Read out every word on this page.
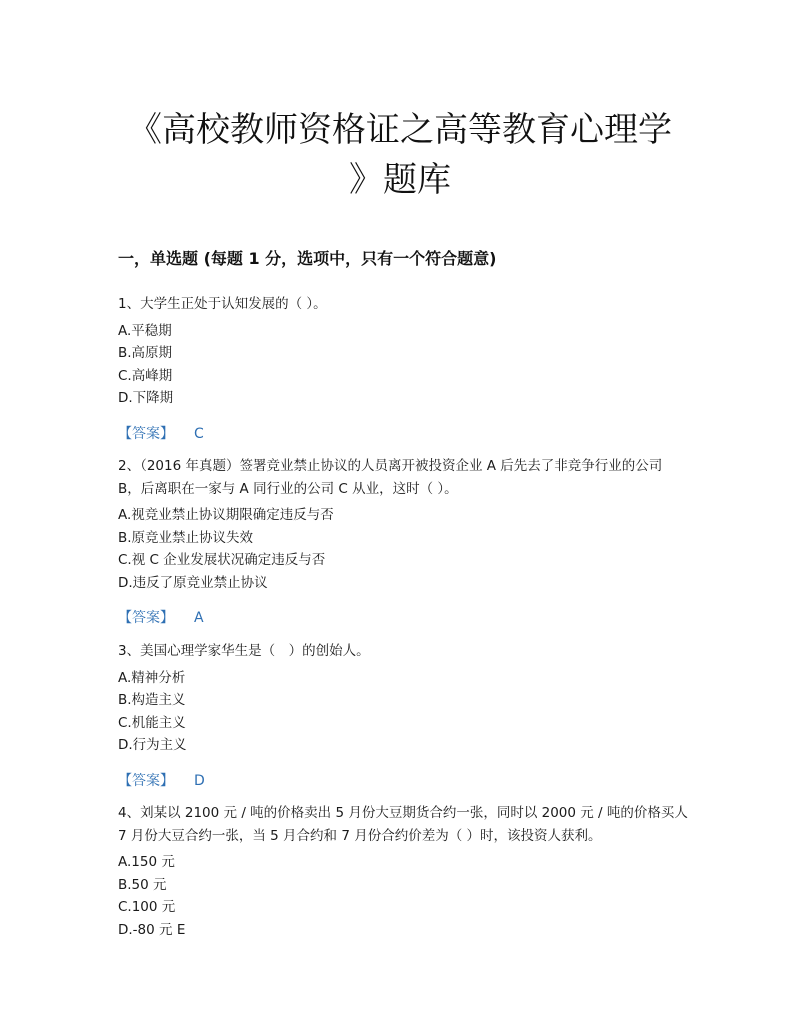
《高校教师资格证之高等教育心理学
》题库
一，单选题 (每题 1 分，选项中，只有一个符合题意)

1、大学生正处于认知发展的（ ）。

A.平稳期
B.高原期
C.高峰期
D.下降期
【答案】 C

2、（2016 年真题）签署竞业禁止协议的人员离开被投资企业 A 后先去了非竞争行业的公司 B，后离职在一家与 A 同行业的公司 C 从业，这时（ ）。

A.视竞业禁止协议期限确定违反与否
B.原竞业禁止协议失效
C.视 C 企业发展状况确定违反与否
D.违反了原竞业禁止协议
【答案】 A

3、美国心理学家华生是（　）的创始人。

A.精神分析
B.构造主义
C.机能主义
D.行为主义
【答案】 D

4、刘某以 2100 元 / 吨的价格卖出 5 月份大豆期货合约一张，同时以 2000 元 / 吨的价格买人 7 月份大豆合约一张，当 5 月合约和 7 月份合约价差为（ ）时，该投资人获利。

A.150 元
B.50 元
C.100 元
D.-80 元 E
